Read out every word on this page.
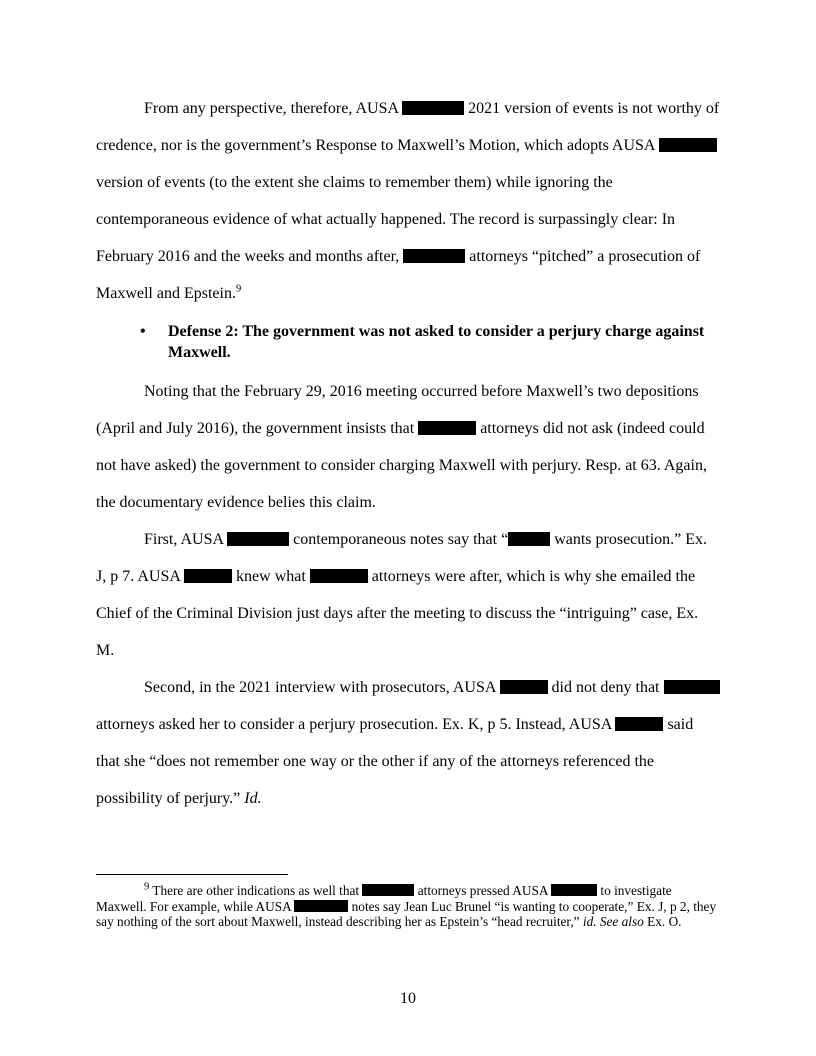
From any perspective, therefore, AUSA	2021 version of events is not worthy of credence, nor is the government’s Response to Maxwell’s Motion, which adopts AUSA  version of events (to the extent she claims to remember them) while ignoring the contemporaneous evidence of what actually happened. The record is surpassingly clear: In February 2016 and the weeks and months after,	attorneys “pitched” a prosecution of Maxwell and Epstein.$^9$

•	Defense 2: The government was not asked to consider a perjury charge against Maxwell.

Noting that the February 29, 2016 meeting occurred before Maxwell’s two depositions (April and July 2016), the government insists that	attorneys did not ask (indeed could not have asked) the government to consider charging Maxwell with perjury. Resp. at 63. Again, the documentary evidence belies this claim.

First, AUSA	contemporaneous notes say that “	wants prosecution.” Ex. J, p 7. AUSA	knew what	attorneys were after, which is why she emailed the Chief of the Criminal Division just days after the meeting to discuss the “intriguing” case, Ex. M.

Second, in the 2021 interview with prosecutors, AUSA	did not deny that  attorneys asked her to consider a perjury prosecution. Ex. K, p 5. Instead, AUSA	said that she “does not remember one way or the other if any of the attorneys referenced the possibility of perjury.” Id.

$^9$ There are other indications as well that	attorneys pressed AUSA	to investigate Maxwell. For example, while AUSA	notes say Jean Luc Brunel “is wanting to cooperate,” Ex. J, p 2, they say nothing of the sort about Maxwell, instead describing her as Epstein’s “head recruiter,” id. See also Ex. O.

10
